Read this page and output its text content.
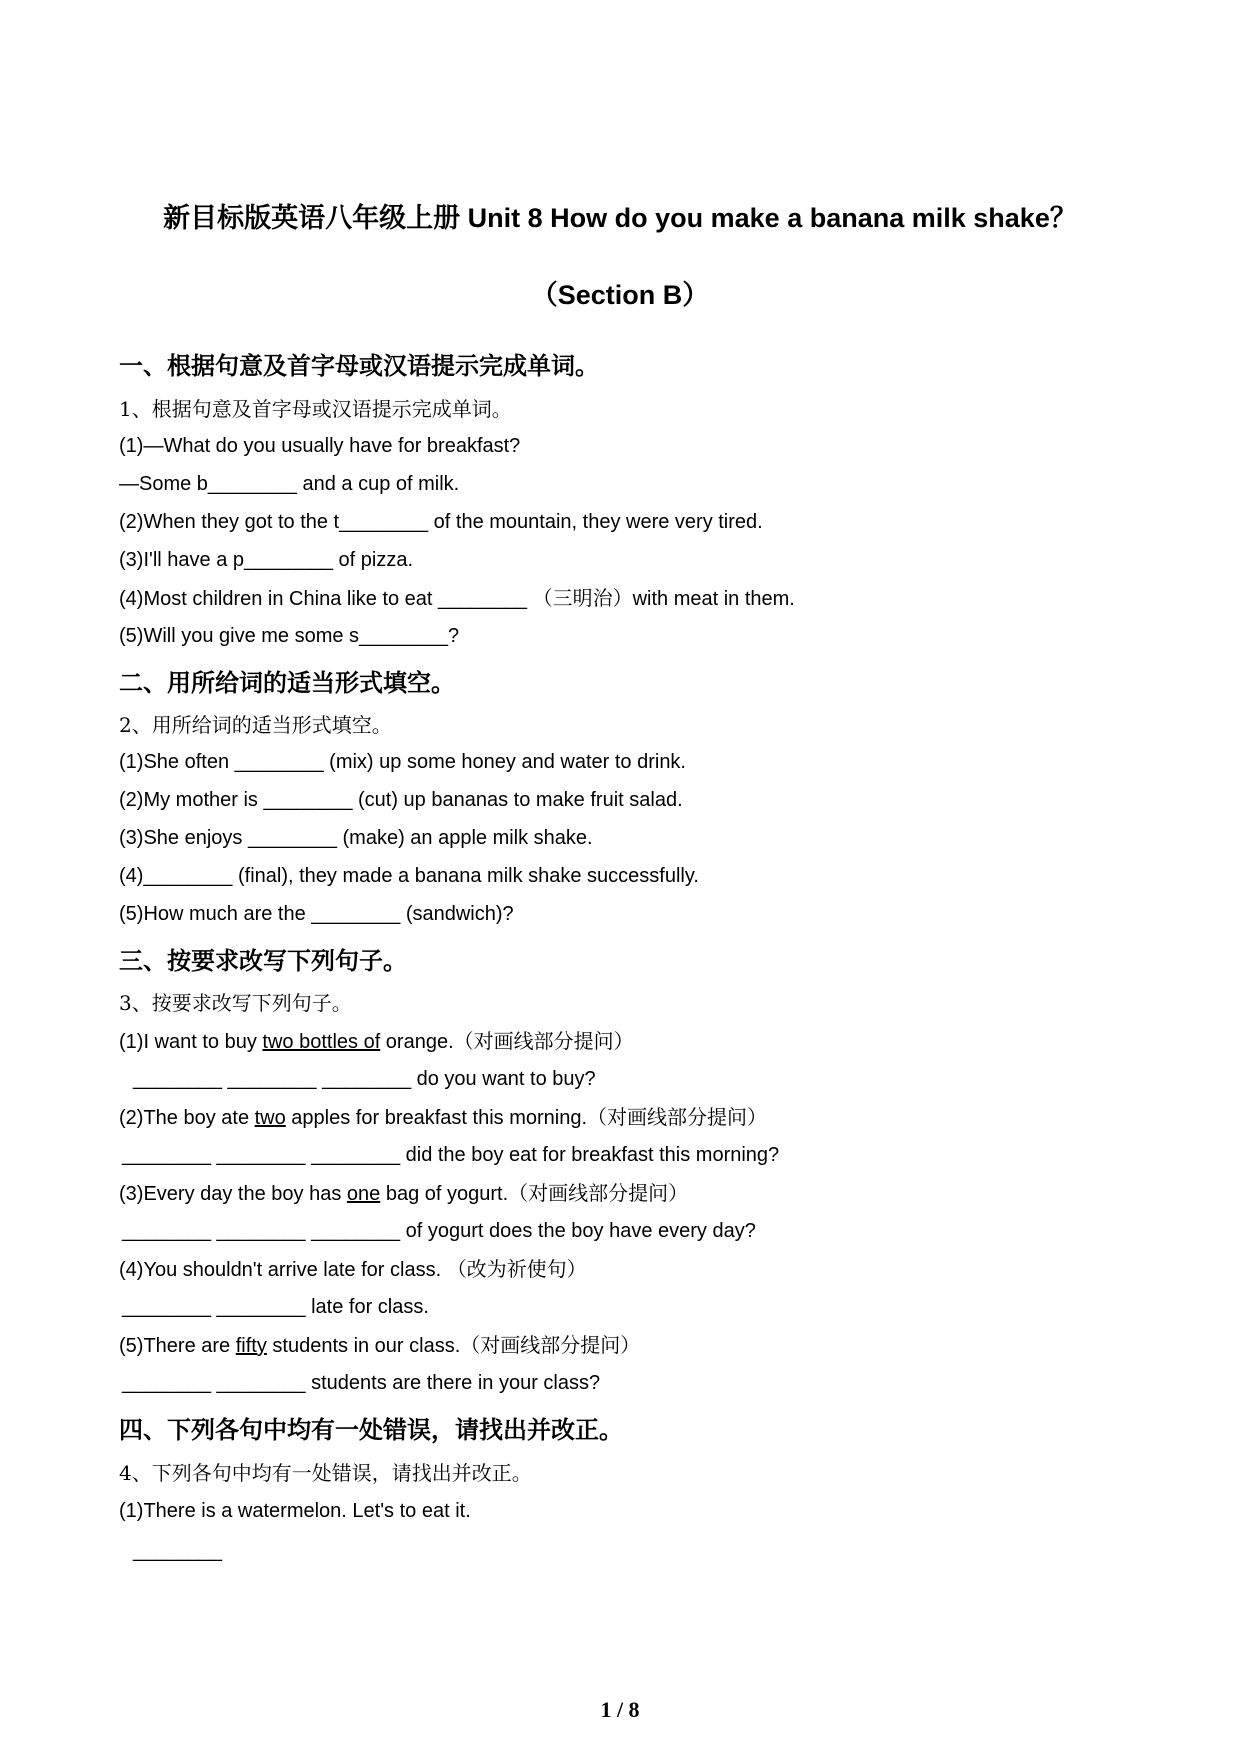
新目标版英语八年级上册 Unit 8 How do you make a banana milk shake？
（Section B）
一、根据句意及首字母或汉语提示完成单词。
1、根据句意及首字母或汉语提示完成单词。
(1)—What do you usually have for breakfast?
—Some b________ and a cup of milk.
(2)When they got to the t________ of the mountain, they were very tired.
(3)I'll have a p________ of pizza.
(4)Most children in China like to eat ________ （三明治）with meat in them.
(5)Will you give me some s________?
二、用所给词的适当形式填空。
2、用所给词的适当形式填空。
(1)She often ________ (mix) up some honey and water to drink.
(2)My mother is ________ (cut) up bananas to make fruit salad.
(3)She enjoys ________ (make) an apple milk shake.
(4)________ (final), they made a banana milk shake successfully.
(5)How much are the ________ (sandwich)?
三、按要求改写下列句子。
3、按要求改写下列句子。
(1)I want to buy two bottles of orange.（对画线部分提问）
________ ________ ________ do you want to buy?
(2)The boy ate two apples for breakfast this morning.（对画线部分提问）
________ ________ ________ did the boy eat for breakfast this morning?
(3)Every day the boy has one bag of yogurt.（对画线部分提问）
________ ________ ________ of yogurt does the boy have every day?
(4)You shouldn't arrive late for class. （改为祈使句）
________ ________ late for class.
(5)There are fifty students in our class.（对画线部分提问）
________ ________ students are there in your class?
四、下列各句中均有一处错误，请找出并改正。
4、下列各句中均有一处错误，请找出并改正。
(1)There is a watermelon. Let's to eat it.
________
1 / 8
